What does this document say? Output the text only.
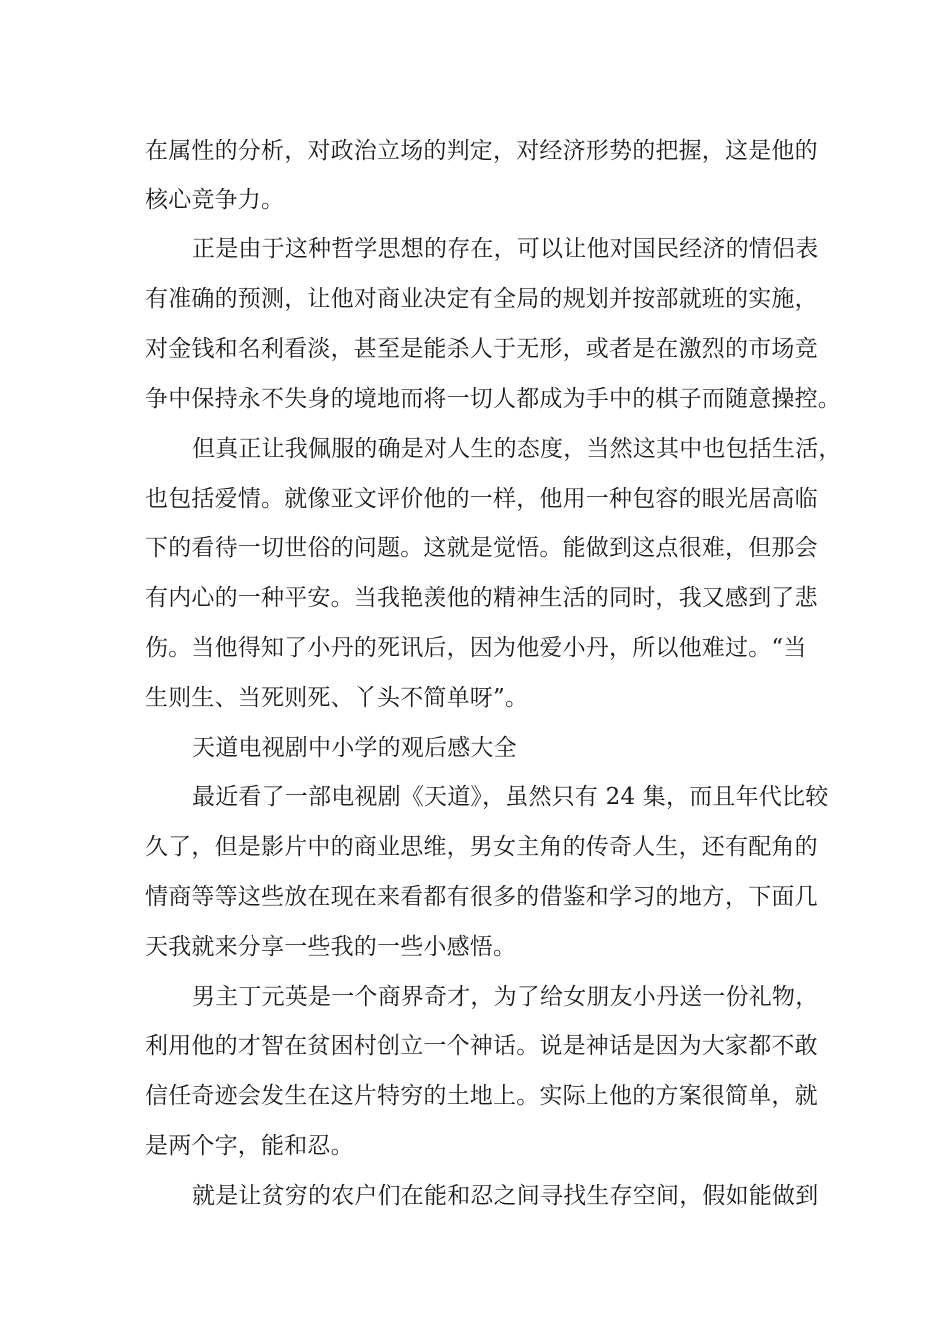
在属性的分析，对政治立场的判定，对经济形势的把握，这是他的
核心竞争力。
正是由于这种哲学思想的存在，可以让他对国民经济的情侣表
有准确的预测，让他对商业决定有全局的规划并按部就班的实施，
对金钱和名利看淡，甚至是能杀人于无形，或者是在激烈的市场竞
争中保持永不失身的境地而将一切人都成为手中的棋子而随意操控。
但真正让我佩服的确是对人生的态度，当然这其中也包括生活，
也包括爱情。就像亚文评价他的一样，他用一种包容的眼光居高临
下的看待一切世俗的问题。这就是觉悟。能做到这点很难，但那会
有内心的一种平安。当我艳羡他的精神生活的同时，我又感到了悲
伤。当他得知了小丹的死讯后，因为他爱小丹，所以他难过。“当
生则生、当死则死、丫头不简单呀”。
天道电视剧中小学的观后感大全
最近看了一部电视剧《天道》，虽然只有 24 集，而且年代比较
久了，但是影片中的商业思维，男女主角的传奇人生，还有配角的
情商等等这些放在现在来看都有很多的借鉴和学习的地方，下面几
天我就来分享一些我的一些小感悟。
男主丁元英是一个商界奇才，为了给女朋友小丹送一份礼物，
利用他的才智在贫困村创立一个神话。说是神话是因为大家都不敢
信任奇迹会发生在这片特穷的土地上。实际上他的方案很简单，就
是两个字，能和忍。
就是让贫穷的农户们在能和忍之间寻找生存空间，假如能做到
